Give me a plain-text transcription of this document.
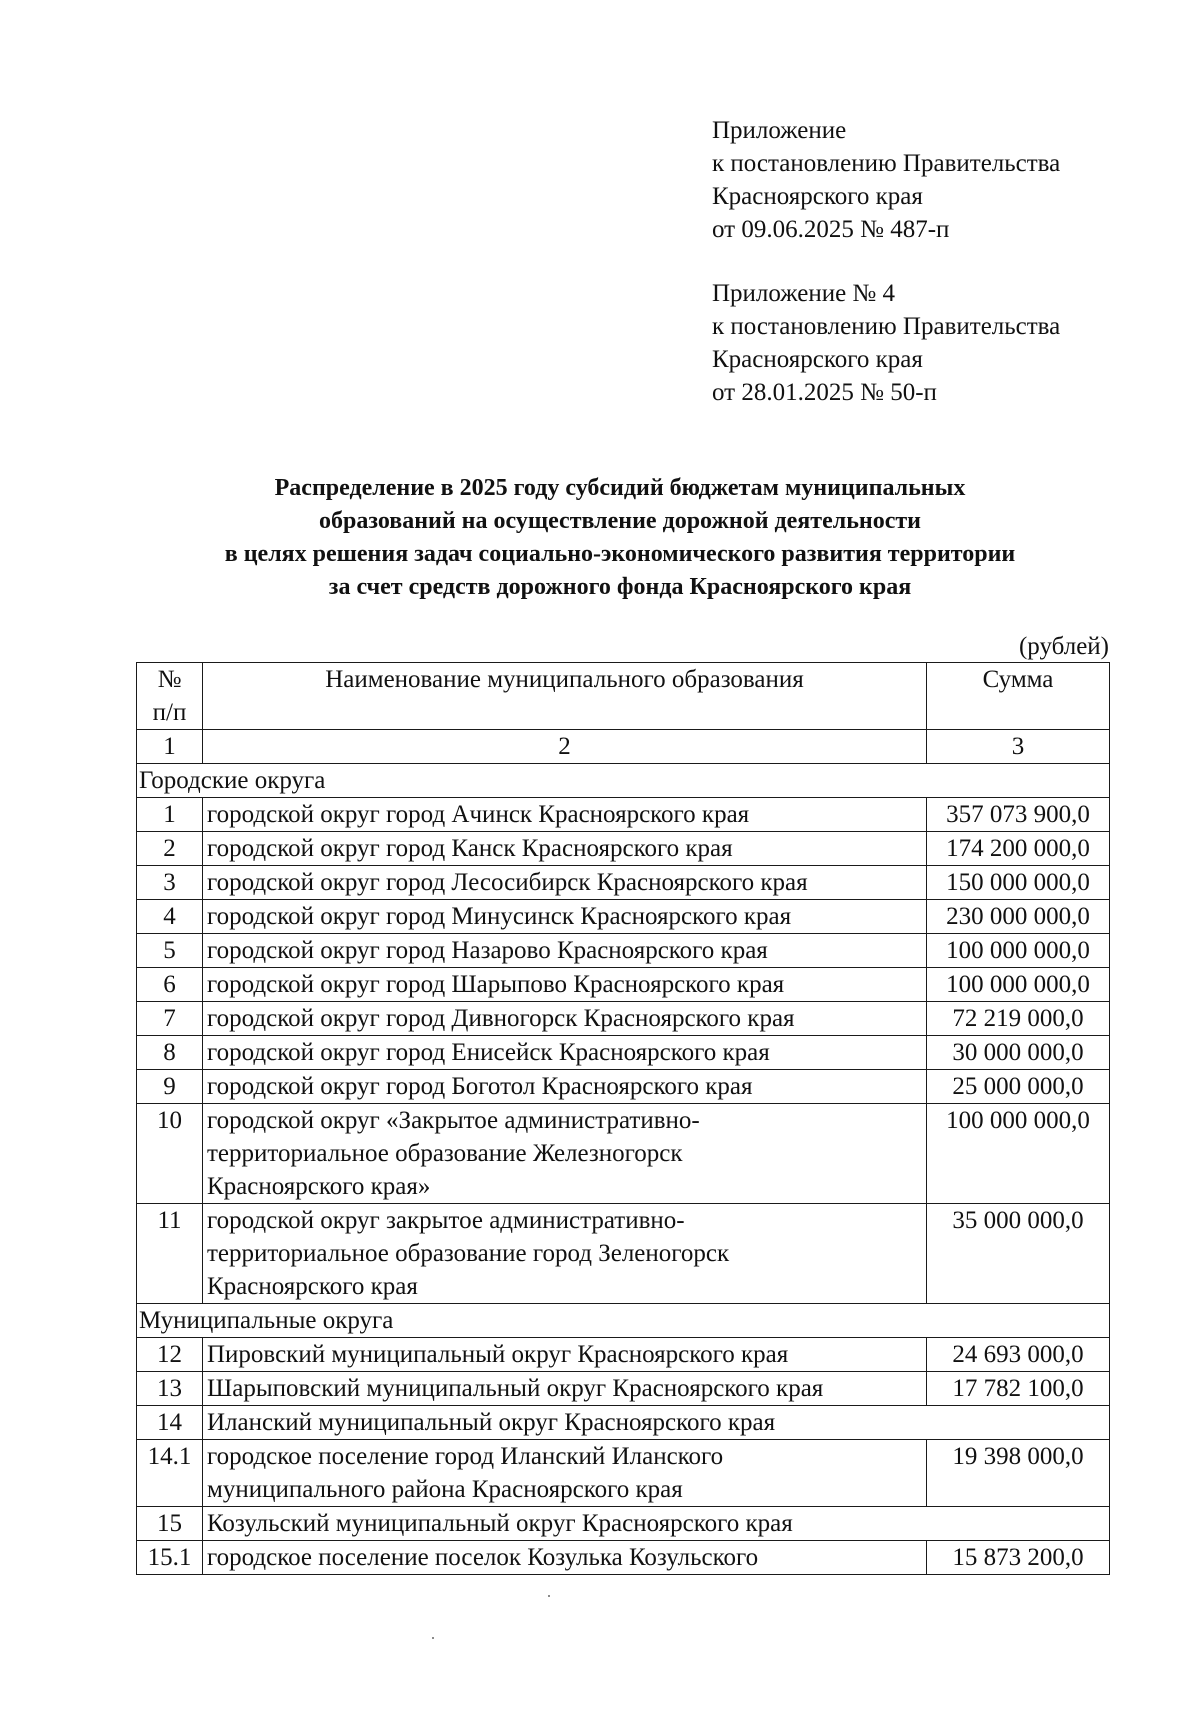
Приложение
к постановлению Правительства
Красноярского края
от 09.06.2025 № 487-п
Приложение № 4
к постановлению Правительства
Красноярского края
от 28.01.2025 № 50-п
Распределение в 2025 году субсидий бюджетам муниципальных
образований на осуществление дорожной деятельности
в целях решения задач социально-экономического развития территории
за счет средств дорожного фонда Красноярского края
(рублей)
№
п/п	Наименование муниципального образования	Сумма
1	2	3
Городские округа		
1	городской округ город Ачинск Красноярского края	357 073 900,0
2	городской округ город Канск Красноярского края	174 200 000,0
3	городской округ город Лесосибирск Красноярского края	150 000 000,0
4	городской округ город Минусинск Красноярского края	230 000 000,0
5	городской округ город Назарово Красноярского края	100 000 000,0
6	городской округ город Шарыпово Красноярского края	100 000 000,0
7	городской округ город Дивногорск Красноярского края	72 219 000,0
8	городской округ город Енисейск Красноярского края	30 000 000,0
9	городской округ город Боготол Красноярского края	25 000 000,0
10	городской округ «Закрытое административно-
территориальное образование Железногорск
Красноярского края»	100 000 000,0
11	городской округ закрытое административно-
территориальное образование город Зеленогорск
Красноярского края	35 000 000,0
Муниципальные округа		
12	Пировский муниципальный округ Красноярского края	24 693 000,0
13	Шарыповский муниципальный округ Красноярского края	17 782 100,0
14	Иланский муниципальный округ Красноярского края	
14.1	городское поселение город Иланский Иланского
муниципального района Красноярского края	19 398 000,0
15	Козульский муниципальный округ Красноярского края	
15.1	городское поселение поселок Козулька Козульского	15 873 200,0
